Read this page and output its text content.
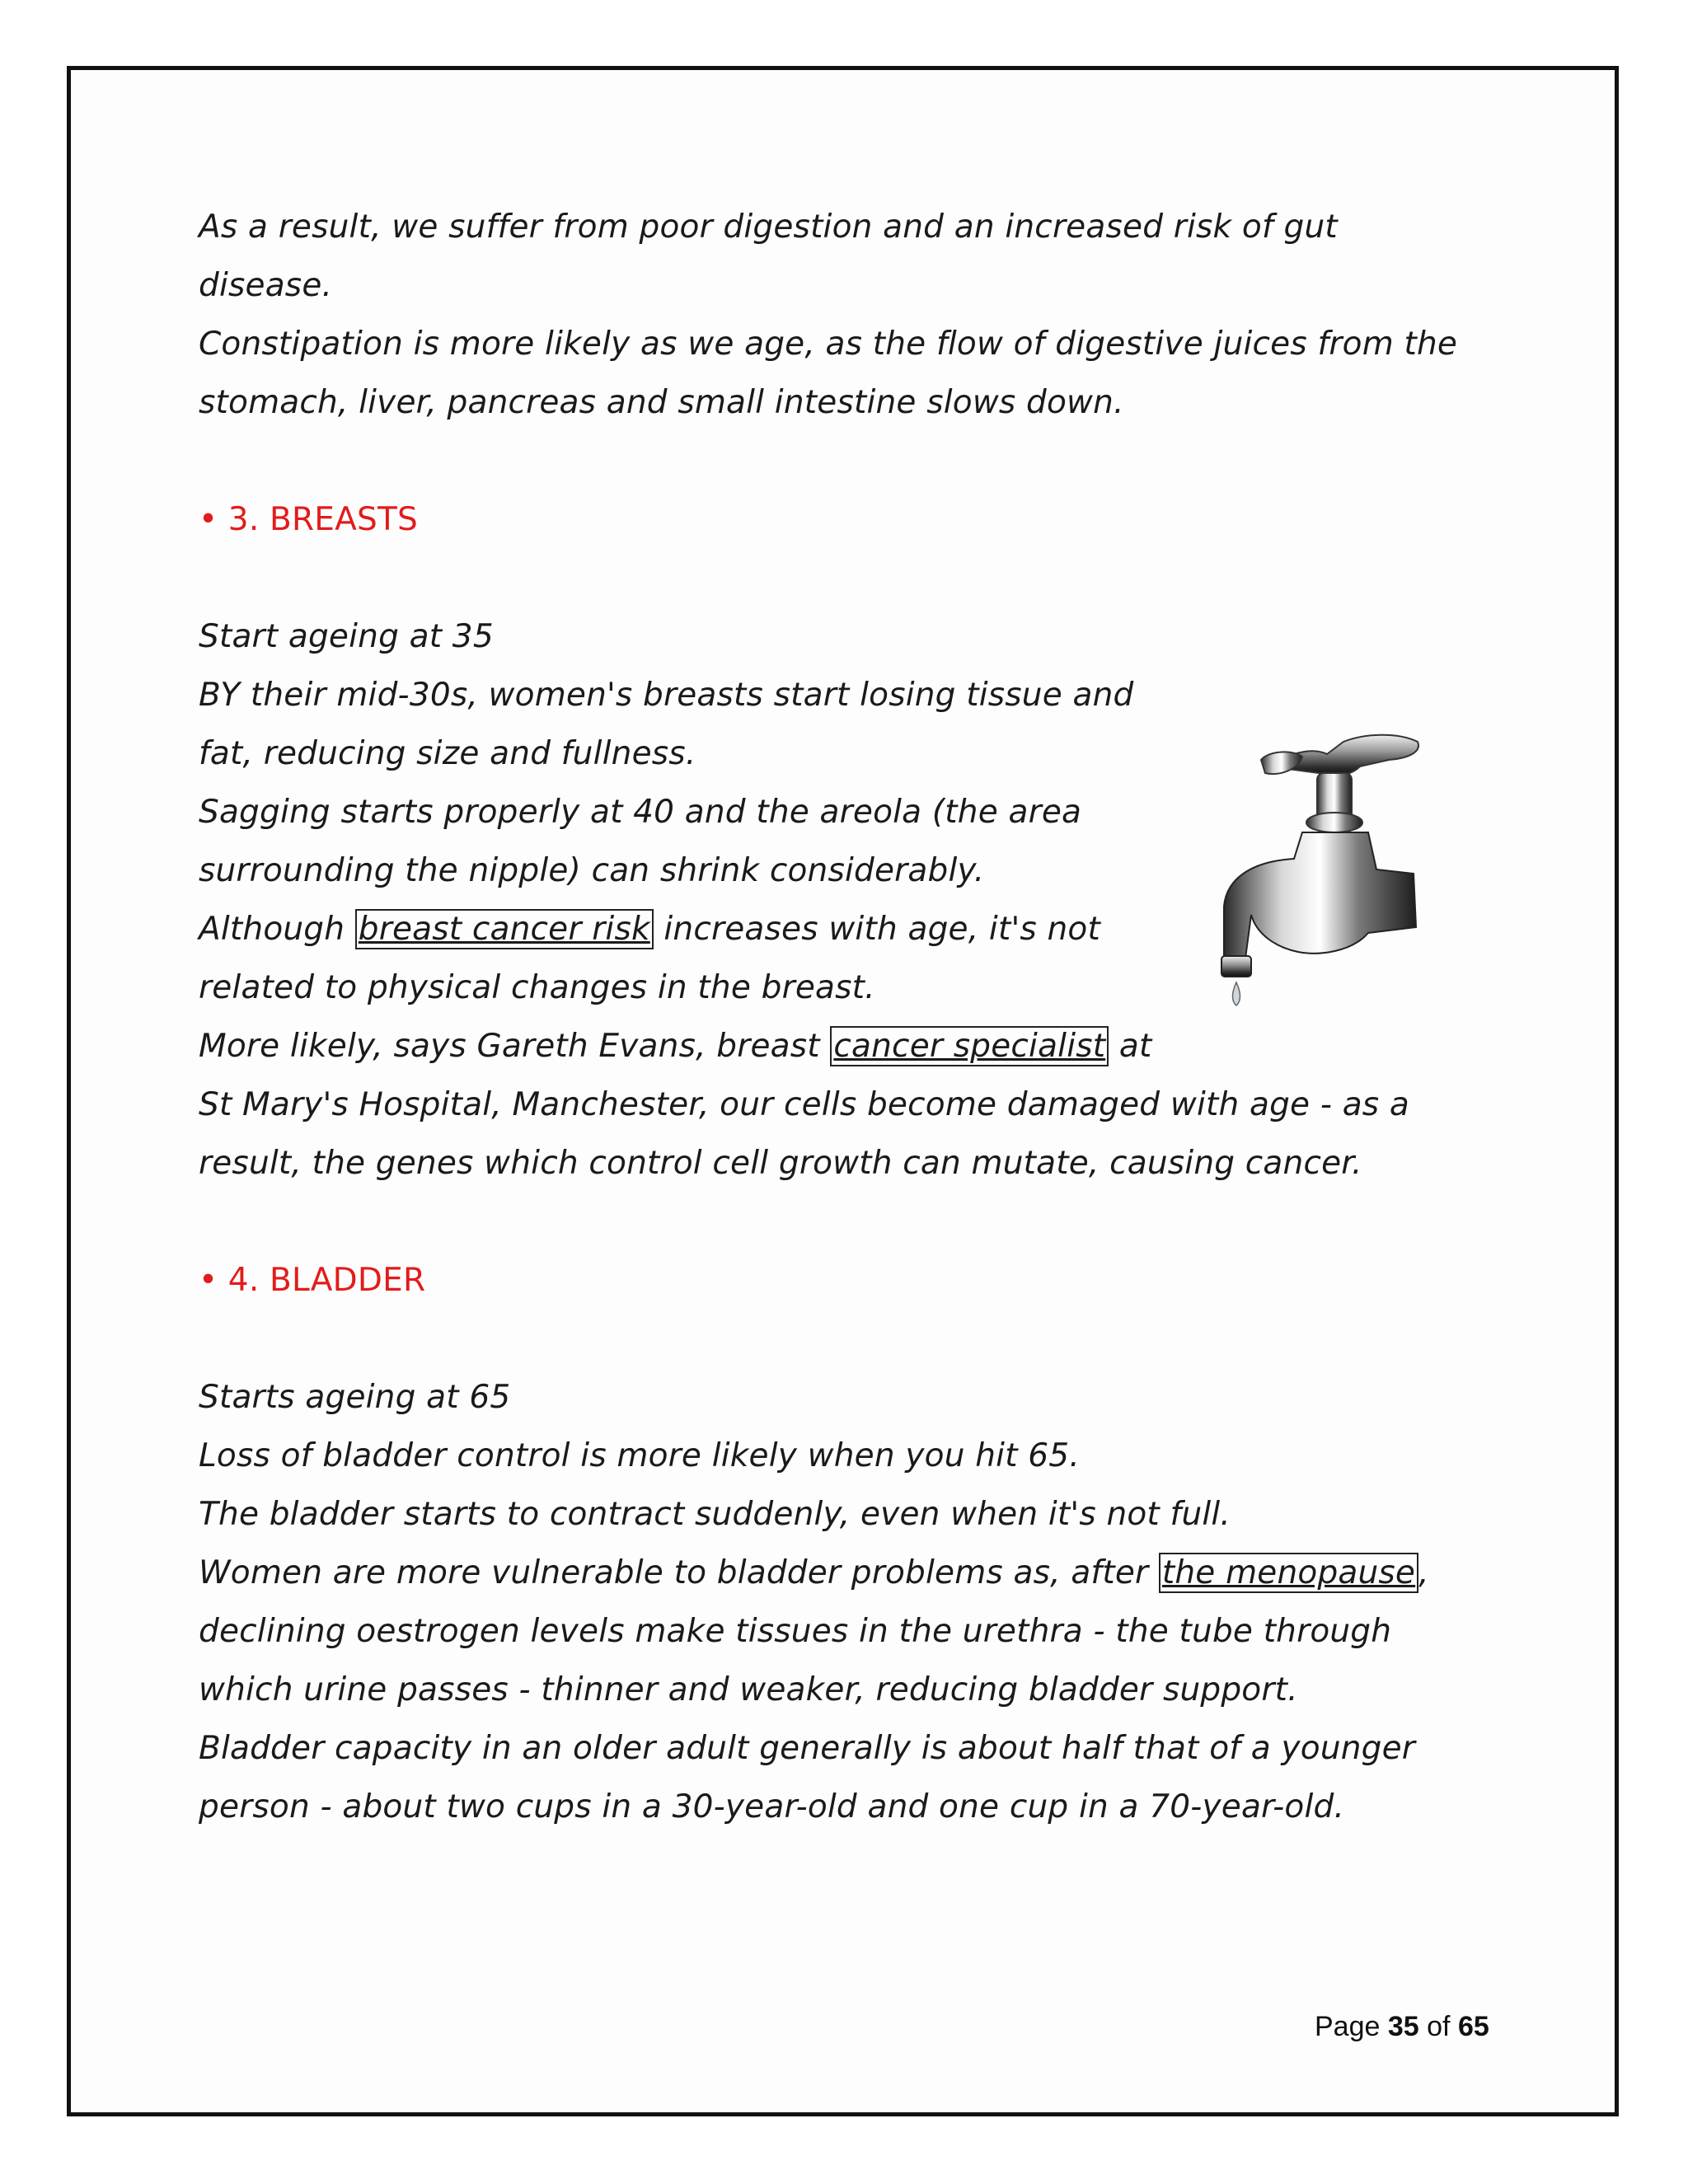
As a result, we suffer from poor digestion and an increased risk of gut
disease.
Constipation is more likely as we age, as the flow of digestive juices from the
stomach, liver, pancreas and small intestine slows down.
• 3. BREASTS
Start ageing at 35
BY their mid-30s, women's breasts start losing tissue and
fat, reducing size and fullness.
Sagging starts properly at 40 and the areola (the area
surrounding the nipple) can shrink considerably.
Although breast cancer risk increases with age, it's not
related to physical changes in the breast.
More likely, says Gareth Evans, breast cancer specialist at
St Mary's Hospital, Manchester, our cells become damaged with age - as a
result, the genes which control cell growth can mutate, causing cancer.
• 4. BLADDER
Starts ageing at 65
Loss of bladder control is more likely when you hit 65.
The bladder starts to contract suddenly, even when it's not full.
Women are more vulnerable to bladder problems as, after the menopause ,
declining oestrogen levels make tissues in the urethra - the tube through
which urine passes - thinner and weaker, reducing bladder support.
Bladder capacity in an older adult generally is about half that of a younger
person - about two cups in a 30-year-old and one cup in a 70-year-old.
Page 35 of 65
